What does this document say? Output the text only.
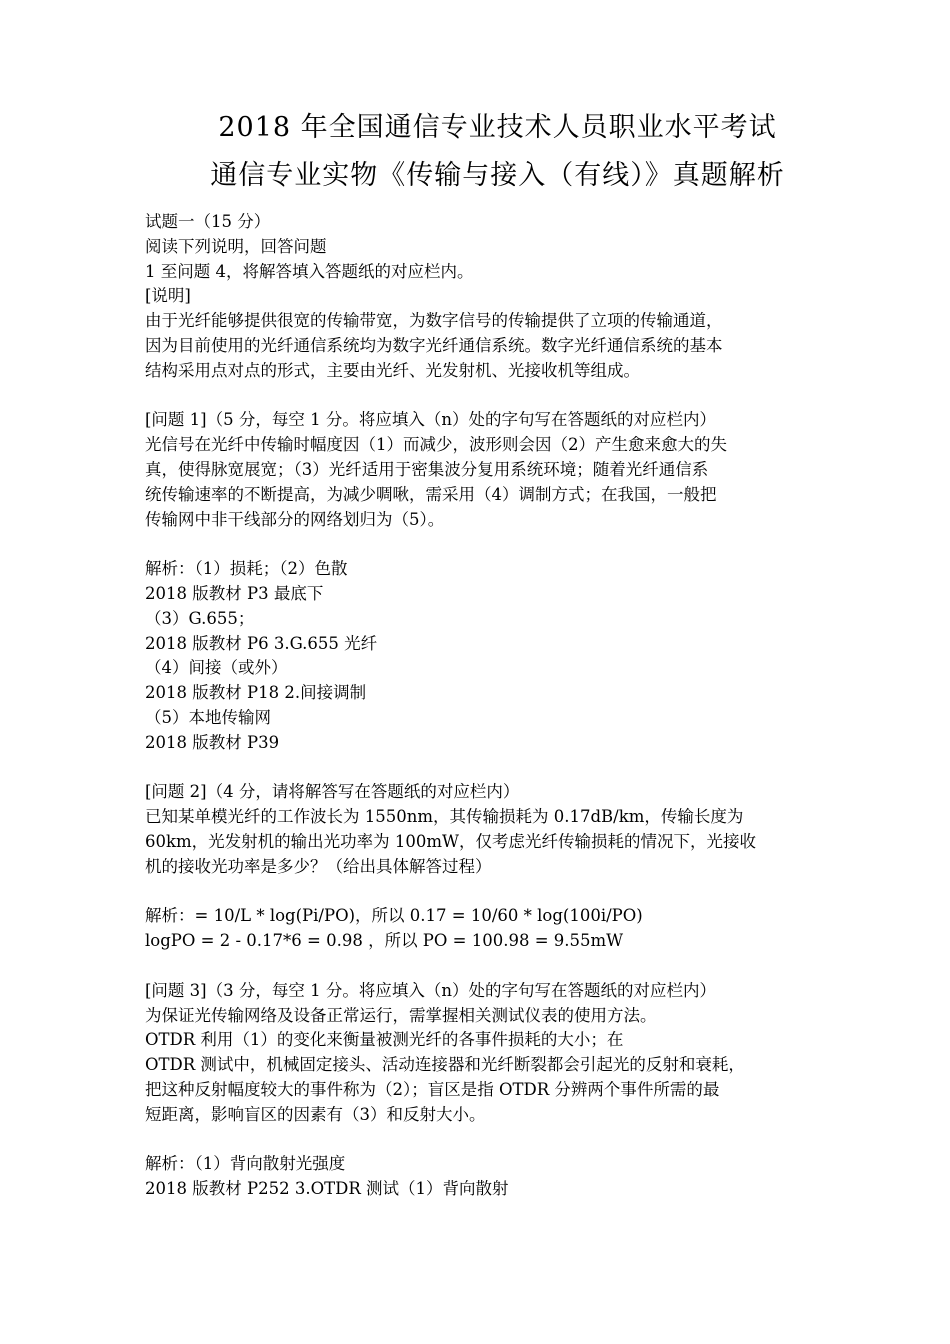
2018 年全国通信专业技术人员职业水平考试
通信专业实物《传输与接入（有线）》真题解析

试题一（15 分）

阅读下列说明，回答问题

1 至问题 4，将解答填入答题纸的对应栏内。

[说明]

由于光纤能够提供很宽的传输带宽，为数字信号的传输提供了立项的传输通道，

因为目前使用的光纤通信系统均为数字光纤通信系统。数字光纤通信系统的基本

结构采用点对点的形式，主要由光纤、光发射机、光接收机等组成。

[问题 1]（5 分，每空 1 分。将应填入（n）处的字句写在答题纸的对应栏内）

光信号在光纤中传输时幅度因（1）而减少，波形则会因（2）产生愈来愈大的失

真，使得脉宽展宽；（3）光纤适用于密集波分复用系统环境；随着光纤通信系

统传输速率的不断提高，为减少啁啾，需采用（4）调制方式；在我国，一般把

传输网中非干线部分的网络划归为（5）。

解析：（1）损耗；（2）色散

2018 版教材 P3 最底下

（3）G.655；

2018 版教材 P6 3.G.655 光纤

（4）间接（或外）

2018 版教材 P18 2.间接调制

（5）本地传输网

2018 版教材 P39

[问题 2]（4 分，请将解答写在答题纸的对应栏内）

已知某单模光纤的工作波长为 1550nm，其传输损耗为 0.17dB/km，传输长度为

60km，光发射机的输出光功率为 100mW，仅考虑光纤传输损耗的情况下，光接收

机的接收光功率是多少？（给出具体解答过程）

解析：= 10/L * log(Pi/PO)，所以 0.17 = 10/60 * log(100i/PO)

logPO = 2 - 0.17*6 = 0.98 ，所以 PO = 100.98 = 9.55mW

[问题 3]（3 分，每空 1 分。将应填入（n）处的字句写在答题纸的对应栏内）

为保证光传输网络及设备正常运行，需掌握相关测试仪表的使用方法。

OTDR 利用（1）的变化来衡量被测光纤的各事件损耗的大小；在

OTDR 测试中，机械固定接头、活动连接器和光纤断裂都会引起光的反射和衰耗，

把这种反射幅度较大的事件称为（2）；盲区是指 OTDR 分辨两个事件所需的最

短距离，影响盲区的因素有（3）和反射大小。

解析：（1）背向散射光强度

2018 版教材 P252 3.OTDR 测试（1）背向散射
